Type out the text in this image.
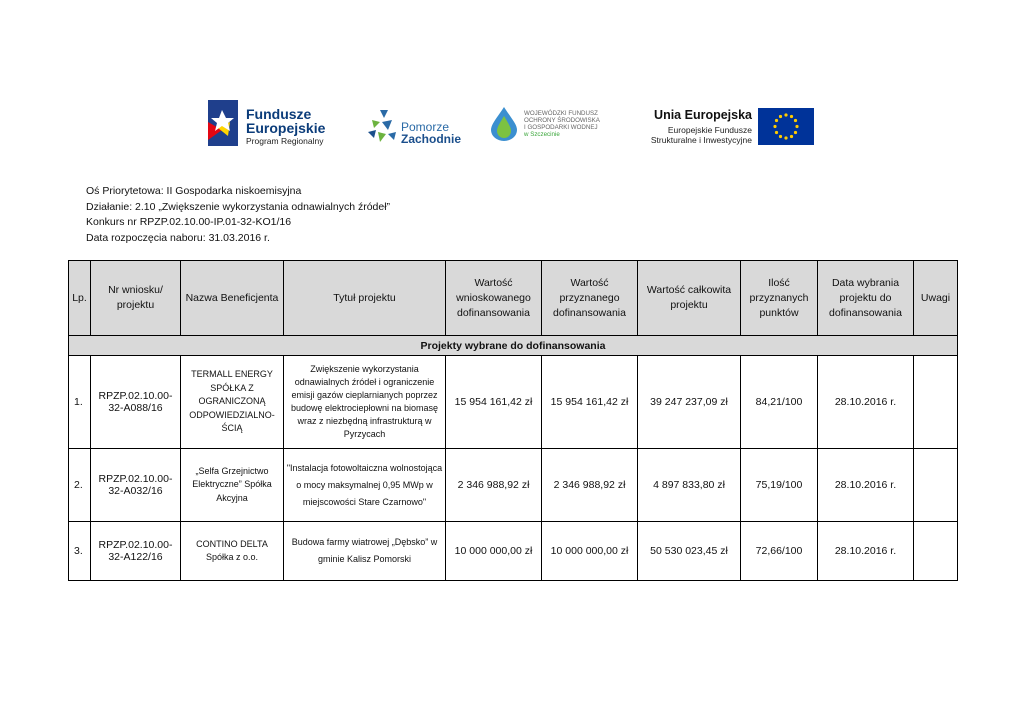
Fundusze
Europejskie
Program Regionalny
Pomorze
Zachodnie
WOJEWÓDZKI FUNDUSZ
OCHRONY ŚRODOWISKA
I GOSPODARKI WODNEJ
w Szczecinie
Unia Europejska
Europejskie Fundusze
Strukturalne i Inwestycyjne
Oś Priorytetowa: II Gospodarka niskoemisyjna
Działanie: 2.10 „Zwiększenie wykorzystania odnawialnych źródeł”
Konkurs nr RPZP.02.10.00-IP.01-32-KO1/16
Data rozpoczęcia naboru: 31.03.2016 r.
Lp.	Nr wniosku/ projektu	Nazwa Beneficjenta	Tytuł projektu	Wartość wnioskowanego dofinansowania	Wartość przyznanego dofinansowania	Wartość całkowita projektu	Ilość przyznanych punktów	Data wybrania projektu do dofinansowania	Uwagi
Projekty wybrane do dofinansowania									
1.	RPZP.02.10.00-32-A088/16	TERMALL ENERGY SPÓŁKA Z OGRANICZONĄ ODPOWIEDZIALNO-ŚCIĄ	Zwiększenie wykorzystania odnawialnych źródeł i ograniczenie emisji gazów cieplarnianych poprzez budowę elektrociepłowni na biomasę wraz z niezbędną infrastrukturą w Pyrzycach	15 954 161,42 zł	15 954 161,42 zł	39 247 237,09 zł	84,21/100	28.10.2016 r.	
2.	RPZP.02.10.00-32-A032/16	„Selfa Grzejnictwo Elektryczne” Spółka Akcyjna	"Instalacja fotowoltaiczna wolnostojąca o mocy maksymalnej 0,95 MWp w miejscowości Stare Czarnowo"	2 346 988,92 zł	2 346 988,92 zł	4 897 833,80 zł	75,19/100	28.10.2016 r.	
3.	RPZP.02.10.00-32-A122/16	CONTINO DELTA Spółka z o.o.	Budowa farmy wiatrowej „Dębsko” w gminie Kalisz Pomorski	10 000 000,00 zł	10 000 000,00 zł	50 530 023,45 zł	72,66/100	28.10.2016 r.	
